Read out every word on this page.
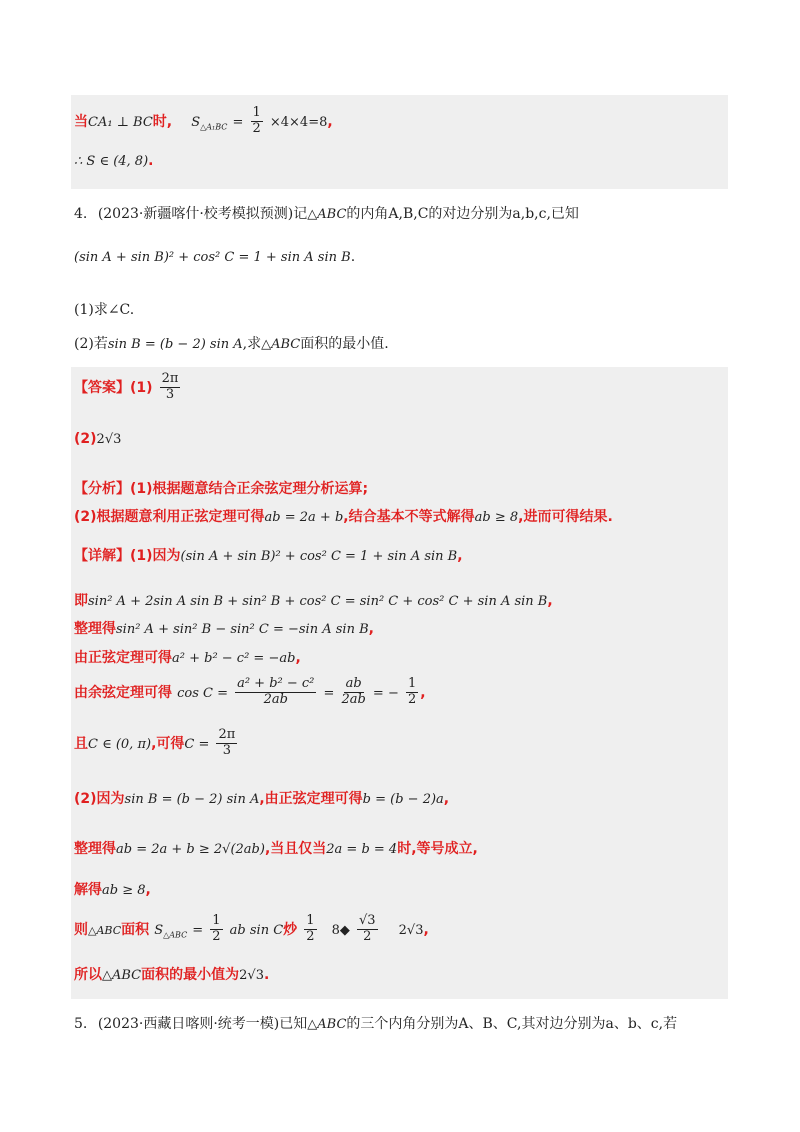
当CA₁ ⊥ BC时, $S_{\triangle A_1BC} = \frac{1}{2} \times 4\times 4=8$,
∴ S ∈ (4, 8).
4. (2023·新疆喀什·校考模拟预测)记△ABC的内角A,B,C的对边分别为a,b,c,已知
(sin A + sin B)² + cos² C = 1 + sin A sin B.
(1)求∠C.
(2)若sin B = (b − 2) sin A,求△ABC面积的最小值.
【答案】$(1) \frac{2\pi}{3}$
(2)2√3
【分析】(1)根据题意结合正余弦定理分析运算;
(2)根据题意利用正弦定理可得ab = 2a + b,结合基本不等式解得ab ≥ 8,进而可得结果.
【详解】(1)因为(sin A + sin B)² + cos² C = 1 + sin A sin B,
即sin² A + 2sin A sin B + sin² B + cos² C = sin² C + cos² C + sin A sin B,
整理得sin² A + sin² B − sin² C = −sin A sin B,
由正弦定理可得a² + b² − c² = −ab,
由余弦定理可得 $\cos C = \frac{\text{a² + b² − c²}}{2ab} = \frac{ab}{2ab}$ = − $\frac{1}{2}$ ,
且C ∈ (0, π),可得$C = \frac{2\pi}{3}$
(2)因为sin B = (b − 2) sin A,由正弦定理可得b = (b − 2)a,
整理得ab = 2a + b ≥ 2√(2ab),当且仅当2a = b = 4时,等号成立,
解得ab ≥ 8,
则△ABC面积 $S_{\triangle ABC} = \frac{1}{2}$ ab sin C炒 $\frac{1}{2}$ 8◆ $\frac{√3}{2} 2√3$,
所以△ABC面积的最小值为2√3.
5. (2023·西藏日喀则·统考一模)已知△ABC的三个内角分别为A、B、C,其对边分别为a、b、c,若
